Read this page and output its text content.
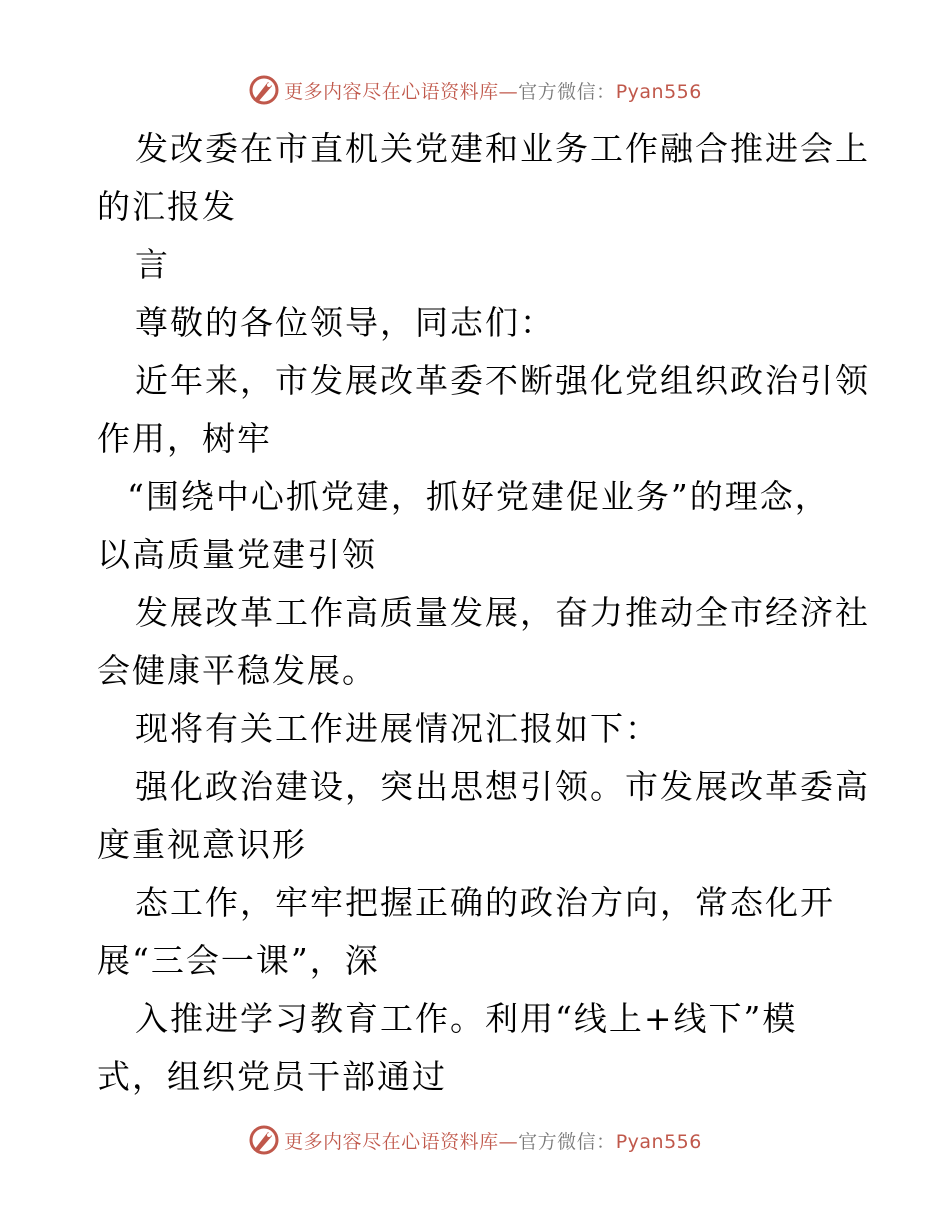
更多内容尽在心语资料库—官方微信：Pyan556
发改委在市直机关党建和业务工作融合推进会上
的汇报发
言
尊敬的各位领导，同志们：
近年来，市发展改革委不断强化党组织政治引领
作用，树牢
“围绕中心抓党建，抓好党建促业务”的理念，
以高质量党建引领
发展改革工作高质量发展，奋力推动全市经济社
会健康平稳发展。
现将有关工作进展情况汇报如下：
强化政治建设，突出思想引领。市发展改革委高
度重视意识形
态工作，牢牢把握正确的政治方向，常态化开
展“三会一课”，深
入推进学习教育工作。利用“线上+线下”模
式，组织党员干部通过
更多内容尽在心语资料库—官方微信：Pyan556
